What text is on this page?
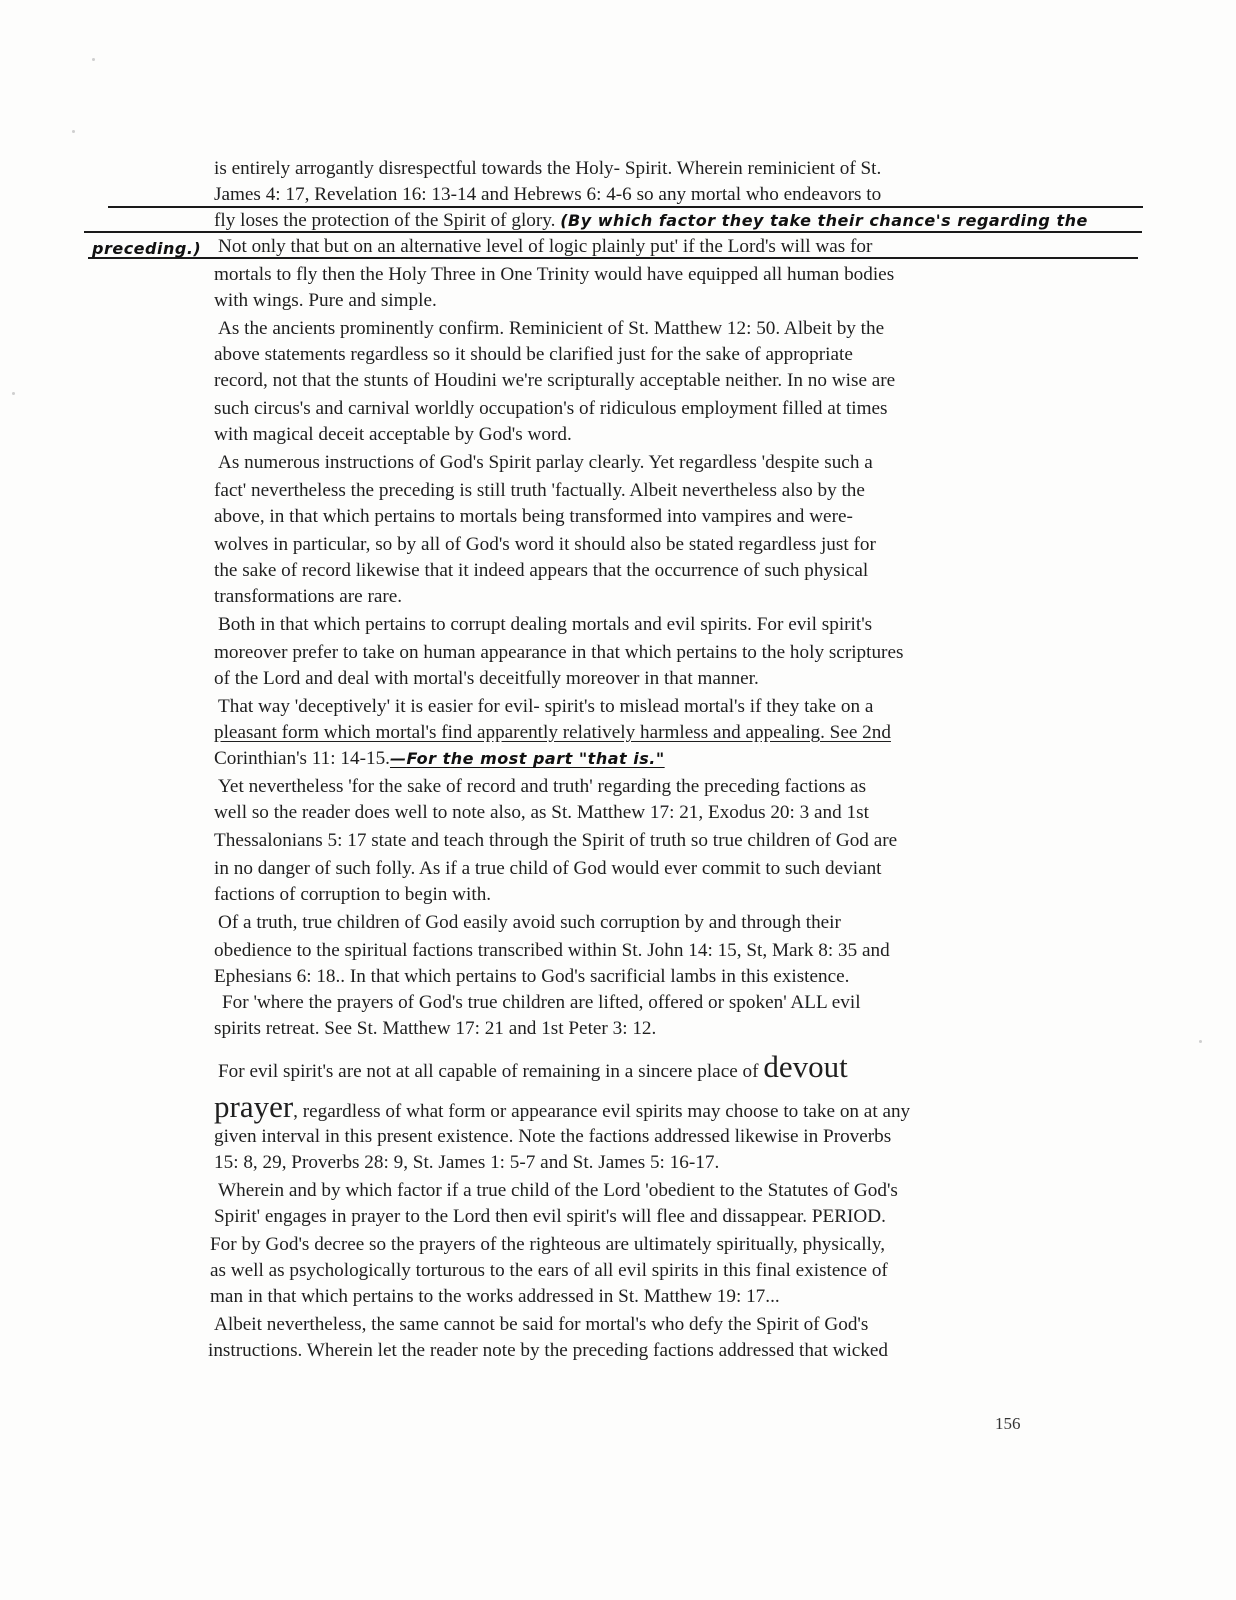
is entirely arrogantly disrespectful towards the Holy- Spirit. Wherein reminicient of St.
James 4: 17, Revelation 16: 13-14 and Hebrews 6: 4-6 so any mortal who endeavors to
fly loses the protection of the Spirit of glory. (By which factor they take their chance's regarding the
preceding.) Not only that but on an alternative level of logic plainly put' if the Lord's will was for
mortals to fly then the Holy Three in One Trinity would have equipped all human bodies
with wings. Pure and simple.
As the ancients prominently confirm. Reminicient of St. Matthew 12: 50. Albeit by the
above statements regardless so it should be clarified just for the sake of appropriate
record, not that the stunts of Houdini we're scripturally acceptable neither. In no wise are
such circus's and carnival worldly occupation's of ridiculous employment filled at times
with magical deceit acceptable by God's word.
As numerous instructions of God's Spirit parlay clearly. Yet regardless 'despite such a
fact' nevertheless the preceding is still truth 'factually. Albeit nevertheless also by the
above, in that which pertains to mortals being transformed into vampires and were-
wolves in particular, so by all of God's word it should also be stated regardless just for
the sake of record likewise that it indeed appears that the occurrence of such physical
transformations are rare.
Both in that which pertains to corrupt dealing mortals and evil spirits. For evil spirit's
moreover prefer to take on human appearance in that which pertains to the holy scriptures
of the Lord and deal with mortal's deceitfully moreover in that manner.
That way 'deceptively' it is easier for evil- spirit's to mislead mortal's if they take on a
pleasant form which mortal's find apparently relatively harmless and appealing. See 2nd
Corinthian's 11: 14-15.—For the most part "that is."
Yet nevertheless 'for the sake of record and truth' regarding the preceding factions as
well so the reader does well to note also, as St. Matthew 17: 21, Exodus 20: 3 and 1st
Thessalonians 5: 17 state and teach through the Spirit of truth so true children of God are
in no danger of such folly. As if a true child of God would ever commit to such deviant
factions of corruption to begin with.
Of a truth, true children of God easily avoid such corruption by and through their
obedience to the spiritual factions transcribed within St. John 14: 15, St, Mark 8: 35 and
Ephesians 6: 18.. In that which pertains to God's sacrificial lambs in this existence.
For 'where the prayers of God's true children are lifted, offered or spoken' ALL evil
spirits retreat. See St. Matthew 17: 21 and 1st Peter 3: 12.
For evil spirit's are not at all capable of remaining in a sincere place of devout
prayer, regardless of what form or appearance evil spirits may choose to take on at any
given interval in this present existence. Note the factions addressed likewise in Proverbs
15: 8, 29, Proverbs 28: 9, St. James 1: 5-7 and St. James 5: 16-17.
Wherein and by which factor if a true child of the Lord 'obedient to the Statutes of God's
Spirit' engages in prayer to the Lord then evil spirit's will flee and dissappear. PERIOD.
For by God's decree so the prayers of the righteous are ultimately spiritually, physically,
as well as psychologically torturous to the ears of all evil spirits in this final existence of
man in that which pertains to the works addressed in St. Matthew 19: 17...
Albeit nevertheless, the same cannot be said for mortal's who defy the Spirit of God's
instructions. Wherein let the reader note by the preceding factions addressed that wicked
156
